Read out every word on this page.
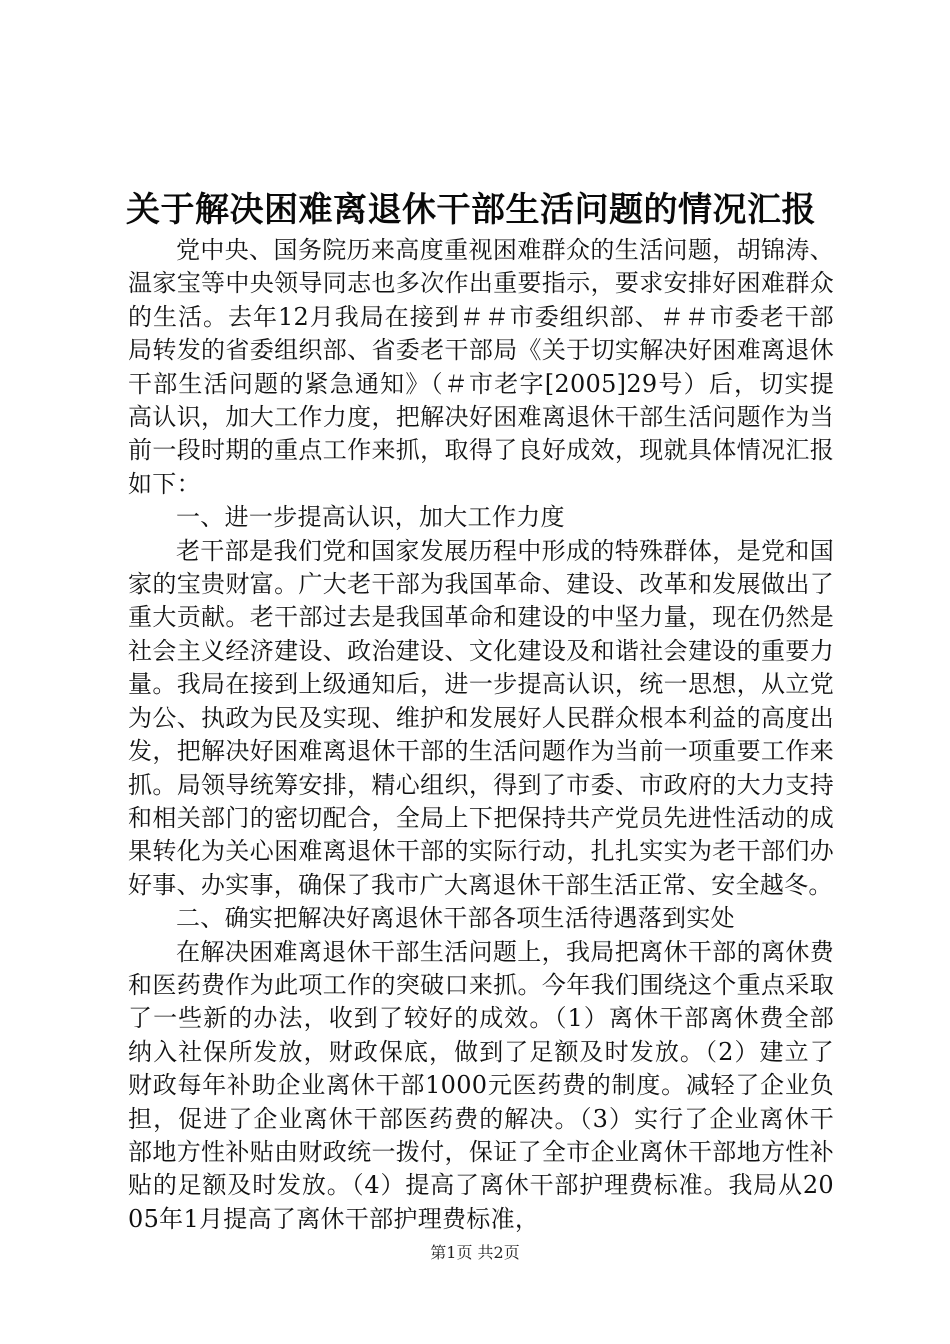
关于解决困难离退休干部生活问题的情况汇报

党中央、国务院历来高度重视困难群众的生活问题，胡锦涛、温家宝等中央领导同志也多次作出重要指示，要求安排好困难群众的生活。去年12月我局在接到＃＃市委组织部、＃＃市委老干部局转发的省委组织部、省委老干部局《关于切实解决好困难离退休干部生活问题的紧急通知》（＃市老字[2005]29号）后，切实提高认识，加大工作力度，把解决好困难离退休干部生活问题作为当前一段时期的重点工作来抓，取得了良好成效，现就具体情况汇报如下：

一、进一步提高认识，加大工作力度

老干部是我们党和国家发展历程中形成的特殊群体，是党和国家的宝贵财富。广大老干部为我国革命、建设、改革和发展做出了重大贡献。老干部过去是我国革命和建设的中坚力量，现在仍然是社会主义经济建设、政治建设、文化建设及和谐社会建设的重要力量。我局在接到上级通知后，进一步提高认识，统一思想，从立党为公、执政为民及实现、维护和发展好人民群众根本利益的高度出发，把解决好困难离退休干部的生活问题作为当前一项重要工作来抓。局领导统筹安排，精心组织，得到了市委、市政府的大力支持和相关部门的密切配合，全局上下把保持共产党员先进性活动的成果转化为关心困难离退休干部的实际行动，扎扎实实为老干部们办好事、办实事，确保了我市广大离退休干部生活正常、安全越冬。

二、确实把解决好离退休干部各项生活待遇落到实处

在解决困难离退休干部生活问题上，我局把离休干部的离休费和医药费作为此项工作的突破口来抓。今年我们围绕这个重点采取了一些新的办法，收到了较好的成效。（1）离休干部离休费全部纳入社保所发放，财政保底，做到了足额及时发放。（2）建立了财政每年补助企业离休干部1000元医药费的制度。减轻了企业负担，促进了企业离休干部医药费的解决。（3）实行了企业离休干部地方性补贴由财政统一拨付，保证了全市企业离休干部地方性补贴的足额及时发放。（4）提高了离休干部护理费标准。我局从2005年1月提高了离休干部护理费标准，

第1页 共2页
